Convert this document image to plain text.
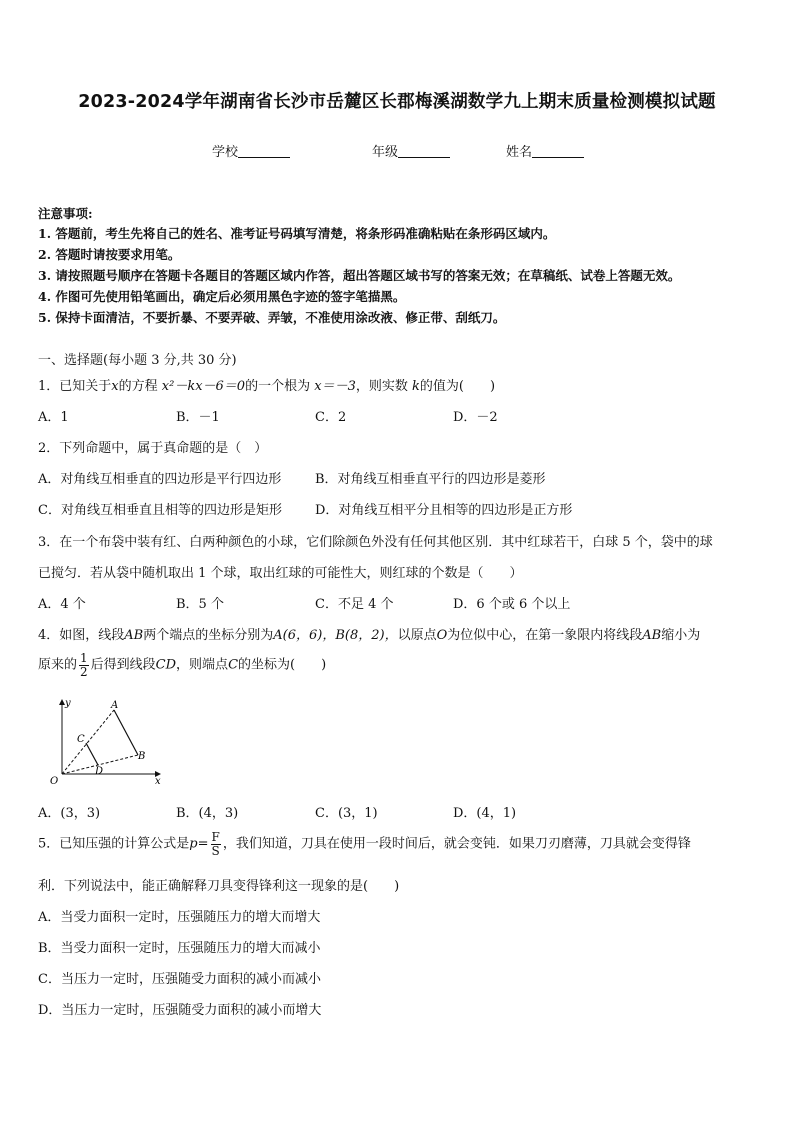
2023-2024学年湖南省长沙市岳麓区长郡梅溪湖数学九上期末质量检测模拟试题
学校	年级	姓名
注意事项:
1. 答题前，考生先将自己的姓名、准考证号码填写清楚，将条形码准确粘贴在条形码区域内。
2. 答题时请按要求用笔。
3. 请按照题号顺序在答题卡各题目的答题区域内作答，超出答题区域书写的答案无效；在草稿纸、试卷上答题无效。
4. 作图可先使用铅笔画出，确定后必须用黑色字迹的签字笔描黑。
5. 保持卡面清洁，不要折暴、不要弄破、弄皱，不准使用涂改液、修正带、刮纸刀。
一、选择题(每小题 3 分,共 30 分)
1．已知关于x的方程 x²－kx－6＝0的一个根为 x＝－3，则实数 k的值为(　　)
A．1	B．－1	C．2	D．－2
2．下列命题中，属于真命题的是（　）
A．对角线互相垂直的四边形是平行四边形	B．对角线互相垂直平行的四边形是菱形
C．对角线互相垂直且相等的四边形是矩形	D．对角线互相平分且相等的四边形是正方形
3．在一个布袋中装有红、白两种颜色的小球，它们除颜色外没有任何其他区别．其中红球若干，白球 5 个，袋中的球
已搅匀．若从袋中随机取出 1 个球，取出红球的可能性大，则红球的个数是（　　）
A．4 个	B．5 个	C．不足 4 个	D．6 个或 6 个以上
4．如图，线段AB两个端点的坐标分别为A(6，6)，B(8，2)，以原点O为位似中心，在第一象限内将线段AB缩小为
原来的 $\frac{1}{2}$ 后得到线段CD，则端点C的坐标为(　　)
y
x
O
A
B
C
D
A．(3，3)	B．(4，3)	C．(3，1)	D．(4，1)
5．已知压强的计算公式是$p= \frac{F}{S}$ ，我们知道，刀具在使用一段时间后，就会变钝．如果刀刃磨薄，刀具就会变得锋
利．下列说法中，能正确解释刀具变得锋利这一现象的是(　　)
A．当受力面积一定时，压强随压力的增大而增大
B．当受力面积一定时，压强随压力的增大而减小
C．当压力一定时，压强随受力面积的减小而减小
D．当压力一定时，压强随受力面积的减小而增大
